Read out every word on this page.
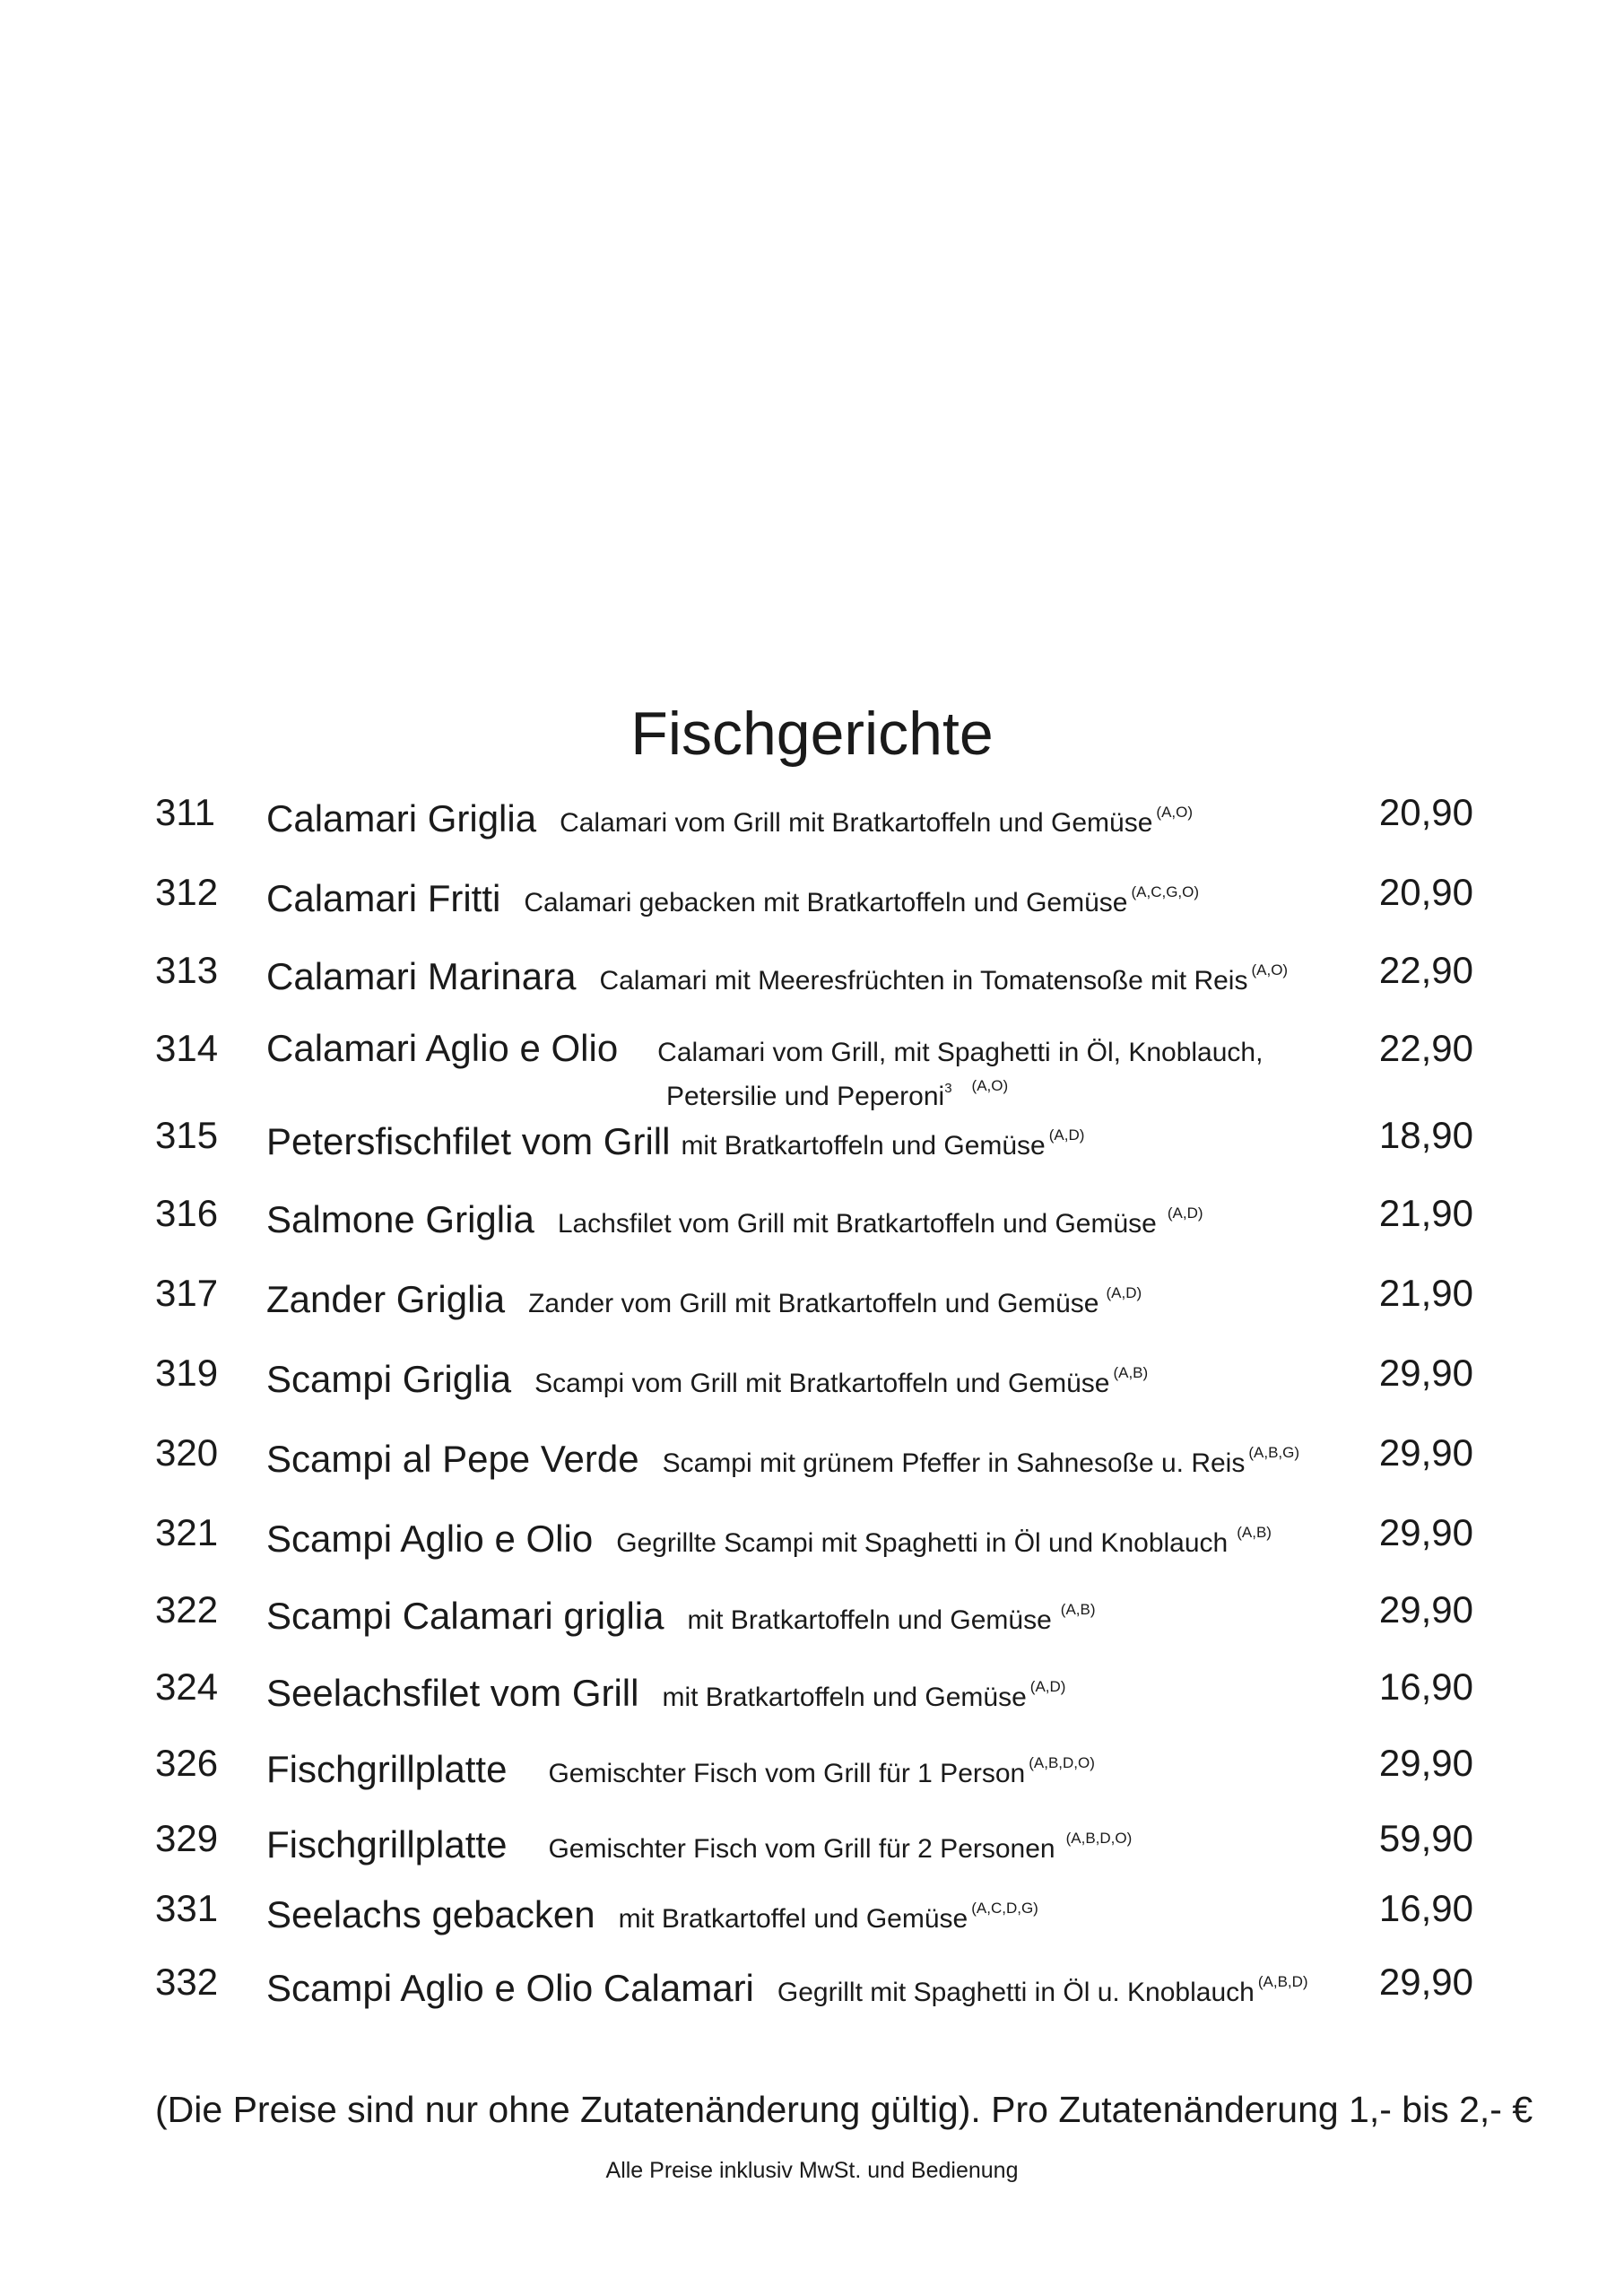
Fischgerichte
311 Calamari Griglia Calamari vom Grill mit Bratkartoffeln und Gemüse (A,O)	20,90
312 Calamari Fritti Calamari gebacken mit Bratkartoffeln und Gemüse (A,C,G,O)	20,90
313 Calamari Marinara Calamari mit Meeresfrüchten in Tomatensoße mit Reis (A,O) 22,90
314 Calamari Aglio e Olio Calamari vom Grill, mit Spaghetti in Öl, Knoblauch,
Petersilie und Peperoni$^3$ $^{(A,O)}$
22,90
315 Petersfischfilet vom Grill mit Bratkartoffeln und Gemüse (A,D)	18,90
316 Salmone Griglia Lachsfilet vom Grill mit Bratkartoffeln und Gemüse (A,D)	21,90
317 Zander Griglia Zander vom Grill mit Bratkartoffeln und Gemüse (A,D)	21,90
319 Scampi Griglia Scampi vom Grill mit Bratkartoffeln und Gemüse (A,B)	29,90
320 Scampi al Pepe Verde Scampi mit grünem Pfeffer in Sahnesoße u. Reis (A,B,G) 29,90
321 Scampi Aglio e Olio Gegrillte Scampi mit Spaghetti in Öl und Knoblauch (A,B)	29,90
322 Scampi Calamari griglia mit Bratkartoffeln und Gemüse (A,B)	29,90
324 Seelachsfilet vom Grill mit Bratkartoffeln und Gemüse (A,D)	16,90
326 Fischgrillplatte Gemischter Fisch vom Grill für 1 Person (A,B,D,O)	29,90
329 Fischgrillplatte Gemischter Fisch vom Grill für 2 Personen (A,B,D,O)	59,90
331 Seelachs gebacken mit Bratkartoffel und Gemüse (A,C,D,G)	16,90
332 Scampi Aglio e Olio Calamari Gegrillt mit Spaghetti in Öl u. Knoblauch (A,B,D) 29,90
(Die Preise sind nur ohne Zutatenänderung gültig). Pro Zutatenänderung 1,- bis 2,- €
Alle Preise inklusiv MwSt. und Bedienung
